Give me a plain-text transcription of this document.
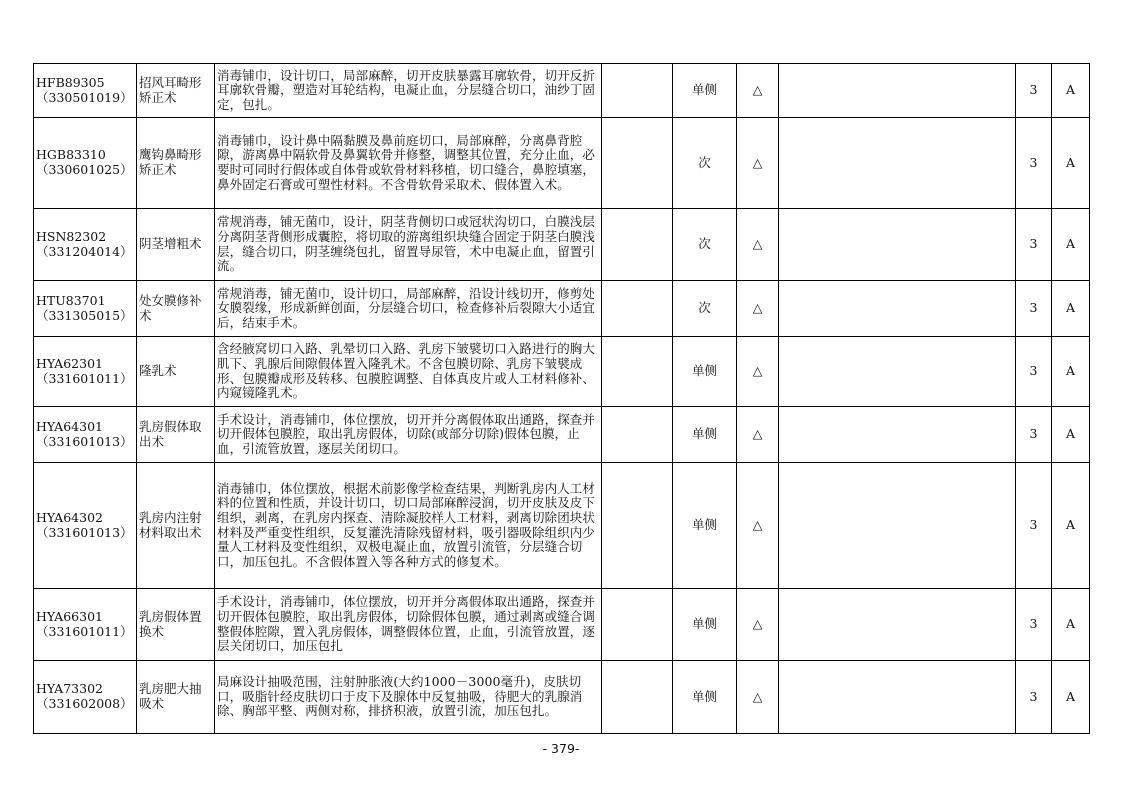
HFB89305
（330501019）	招风耳畸形矫正术	消毒铺巾，设计切口，局部麻醉，切开皮肤暴露耳廓软骨，切开反折耳廓软骨瓣，塑造对耳轮结构，电凝止血，分层缝合切口，油纱丁固定，包扎。		单侧	△		3	A

HGB83310
（330601025）	鹰钩鼻畸形矫正术	消毒铺巾，设计鼻中隔黏膜及鼻前庭切口，局部麻醉，分离鼻背腔隙，游离鼻中隔软骨及鼻翼软骨并修整，调整其位置，充分止血，必要时可同时行假体或自体骨或软骨材料移植，切口缝合，鼻腔填塞，鼻外固定石膏或可塑性材料。不含骨软骨采取术、假体置入术。		次	△		3	A

HSN82302
（331204014）	阴茎增粗术	常规消毒，铺无菌巾，设计，阴茎背侧切口或冠状沟切口，白膜浅层分离阴茎背侧形成囊腔，将切取的游离组织块缝合固定于阴茎白膜浅层，缝合切口，阴茎缠绕包扎，留置导尿管，术中电凝止血，留置引流。		次	△		3	A

HTU83701
（331305015）	处女膜修补术	常规消毒，铺无菌巾，设计切口，局部麻醉，沿设计线切开，修剪处女膜裂缘，形成新鲜创面，分层缝合切口，检查修补后裂隙大小适宜后，结束手术。		次	△		3	A

HYA62301
（331601011）	隆乳术	含经腋窝切口入路、乳晕切口入路、乳房下皱襞切口入路进行的胸大肌下、乳腺后间隙假体置入隆乳术。不含包膜切除、乳房下皱襞成形、包膜瓣成形及转移、包膜腔调整、自体真皮片或人工材料修补、内窥镜隆乳术。		单侧	△		3	A

HYA64301
（331601013）	乳房假体取出术	手术设计，消毒铺巾，体位摆放，切开并分离假体取出通路，探查并切开假体包膜腔，取出乳房假体，切除(或部分切除)假体包膜，止血，引流管放置，逐层关闭切口。		单侧	△		3	A

HYA64302
（331601013）	乳房内注射材料取出术	消毒铺巾，体位摆放，根据术前影像学检查结果，判断乳房内人工材料的位置和性质，并设计切口，切口局部麻醉浸润，切开皮肤及皮下组织，剥离，在乳房内探查、清除凝胶样人工材料，剥离切除团块状材料及严重变性组织，反复灌洗清除残留材料，吸引器吸除组织内少量人工材料及变性组织，双极电凝止血，放置引流管，分层缝合切口，加压包扎。不含假体置入等各种方式的修复术。		单侧	△		3	A

HYA66301
（331601011）	乳房假体置换术	手术设计，消毒铺巾，体位摆放，切开并分离假体取出通路，探查并切开假体包膜腔，取出乳房假体，切除假体包膜，通过剥离或缝合调整假体腔隙，置入乳房假体，调整假体位置，止血，引流管放置，逐层关闭切口，加压包扎		单侧	△		3	A

HYA73302
（331602008）	乳房肥大抽吸术	局麻设计抽吸范围，注射肿胀液(大约1000－3000毫升)，皮肤切口，吸脂针经皮肤切口于皮下及腺体中反复抽吸，待肥大的乳腺消除、胸部平整、两侧对称，排挤积液，放置引流，加压包扎。		单侧	△		3	A
- 379-
